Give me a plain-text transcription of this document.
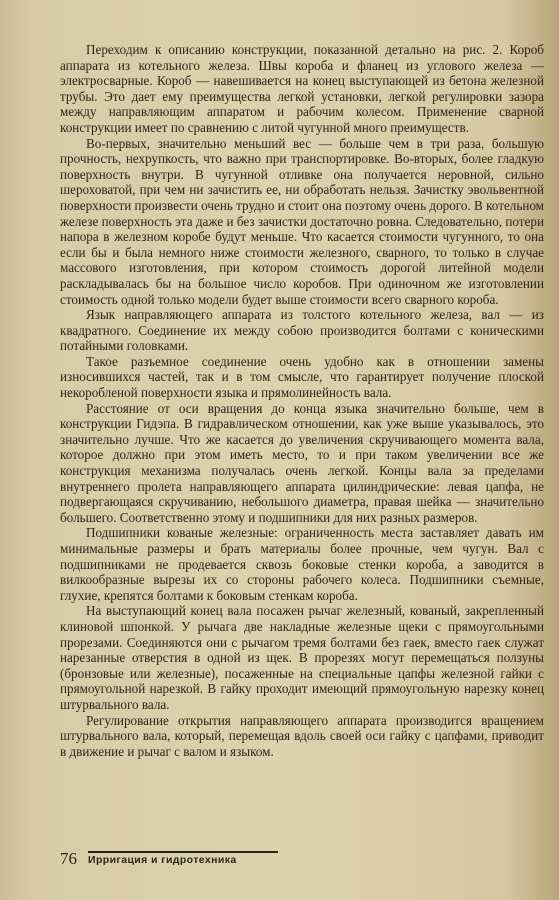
Переходим к описанию конструкции, показанной детально на рис. 2. Короб аппарата из котельного железа. Швы короба и фланец из углового железа — электросварные. Короб — навешивается на конец выступающей из бетона железной трубы. Это дает ему преимущества легкой установки, легкой регулировки зазора между направляющим аппаратом и рабочим колесом. Применение сварной конструкции имеет по сравнению с литой чугунной много преимуществ.

Во-первых, значительно меньший вес — больше чем в три раза, большую прочность, нехрупкость, что важно при транспортировке. Во-вторых, более гладкую поверхность внутри. В чугунной отливке она получается неровной, сильно шероховатой, при чем ни зачистить ее, ни обработать нельзя. Зачистку эвольвентной поверхности произвести очень трудно и стоит она поэтому очень дорого. В котельном железе поверхность эта даже и без зачистки достаточно ровна. Следовательно, потери напора в железном коробе будут меньше. Что касается стоимости чугунного, то она если бы и была немного ниже стоимости железного, сварного, то только в случае массового изготовления, при котором стоимость дорогой литейной модели раскладывалась бы на большое число коробов. При одиночном же изготовлении стоимость одной только модели будет выше стоимости всего сварного короба.

Язык направляющего аппарата из толстого котельного железа, вал — из квадратного. Соединение их между собою производится болтами с коническими потайными головками.

Такое разъемное соединение очень удобно как в отношении замены износившихся частей, так и в том смысле, что гарантирует получение плоской некоробленой поверхности языка и прямолинейность вала.

Расстояние от оси вращения до конца языка значительно больше, чем в конструкции Гидэпа. В гидравлическом отношении, как уже выше указывалось, это значительно лучше. Что же касается до увеличения скручивающего момента вала, которое должно при этом иметь место, то и при таком увеличении все же конструкция механизма получалась очень легкой. Концы вала за пределами внутреннего пролета направляющего аппарата цилиндрические: левая цапфа, не подвергающаяся скручиванию, небольшого диаметра, правая шейка — значительно большего. Соответственно этому и подшипники для них разных размеров.

Подшипники кованые железные: ограниченность места заставляет давать им минимальные размеры и брать материалы более прочные, чем чугун. Вал с подшипниками не продевается сквозь боковые стенки короба, а заводится в вилкообразные вырезы их со стороны рабочего колеса. Подшипники съемные, глухие, крепятся болтами к боковым стенкам короба.

На выступающий конец вала посажен рычаг железный, кованый, закрепленный клиновой шпонкой. У рычага две накладные железные щеки с прямоугольными прорезами. Соединяются они с рычагом тремя болтами без гаек, вместо гаек служат нарезанные отверстия в одной из щек. В прорезях могут перемещаться ползуны (бронзовые или железные), посаженные на специальные цапфы железной гайки с прямоугольной нарезкой. В гайку проходит имеющий прямоугольную нарезку конец штурвального вала.

Регулирование открытия направляющего аппарата производится вращением штурвального вала, который, перемещая вдоль своей оси гайку с цапфами, приводит в движение и рычаг с валом и языком.

76 Ирригация и гидротехника
